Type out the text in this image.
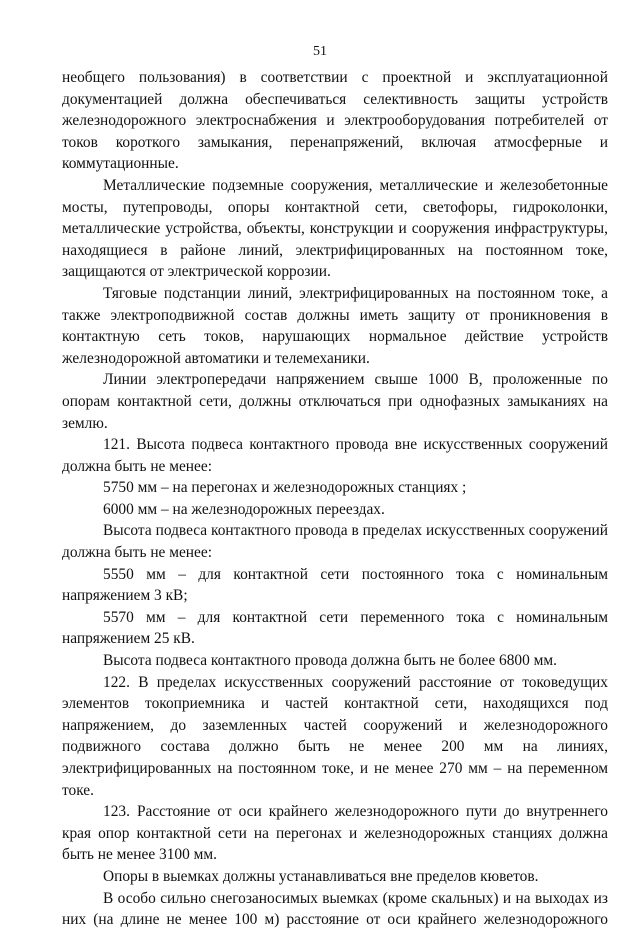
51

необщего пользования) в соответствии с проектной и эксплуатационной документацией должна обеспечиваться селективность защиты устройств железнодорожного электроснабжения и электрооборудования потребителей от токов короткого замыкания, перенапряжений, включая атмосферные и коммутационные.

Металлические подземные сооружения, металлические и железобетонные мосты, путепроводы, опоры контактной сети, светофоры, гидроколонки, металлические устройства, объекты, конструкции и сооружения инфраструктуры, находящиеся в районе линий, электрифицированных на постоянном токе, защищаются от электрической коррозии.

Тяговые подстанции линий, электрифицированных на постоянном токе, а также электроподвижной состав должны иметь защиту от проникновения в контактную сеть токов, нарушающих нормальное действие устройств железнодорожной автоматики и телемеханики.

Линии электропередачи напряжением свыше 1000 В, проложенные по опорам контактной сети, должны отключаться при однофазных замыканиях на землю.

121. Высота подвеса контактного провода вне искусственных сооружений должна быть не менее:

5750 мм – на перегонах и железнодорожных станциях ;

6000 мм – на железнодорожных переездах.

Высота подвеса контактного провода в пределах искусственных сооружений должна быть не менее:

5550 мм – для контактной сети постоянного тока с номинальным напряжением 3 кВ;

5570 мм – для контактной сети переменного тока с номинальным напряжением 25 кВ.

Высота подвеса контактного провода должна быть не более 6800 мм.

122. В пределах искусственных сооружений расстояние от токоведущих элементов токоприемника и частей контактной сети, находящихся под напряжением, до заземленных частей сооружений и железнодорожного подвижного состава должно быть не менее 200 мм на линиях, электрифицированных на постоянном токе, и не менее 270 мм – на переменном токе.

123. Расстояние от оси крайнего железнодорожного пути до внутреннего края опор контактной сети на перегонах и железнодорожных станциях должна быть не менее 3100 мм.

Опоры в выемках должны устанавливаться вне пределов кюветов.

В особо сильно снегозаносимых выемках (кроме скальных) и на выходах из них (на длине не менее 100 м) расстояние от оси крайнего железнодорожного
